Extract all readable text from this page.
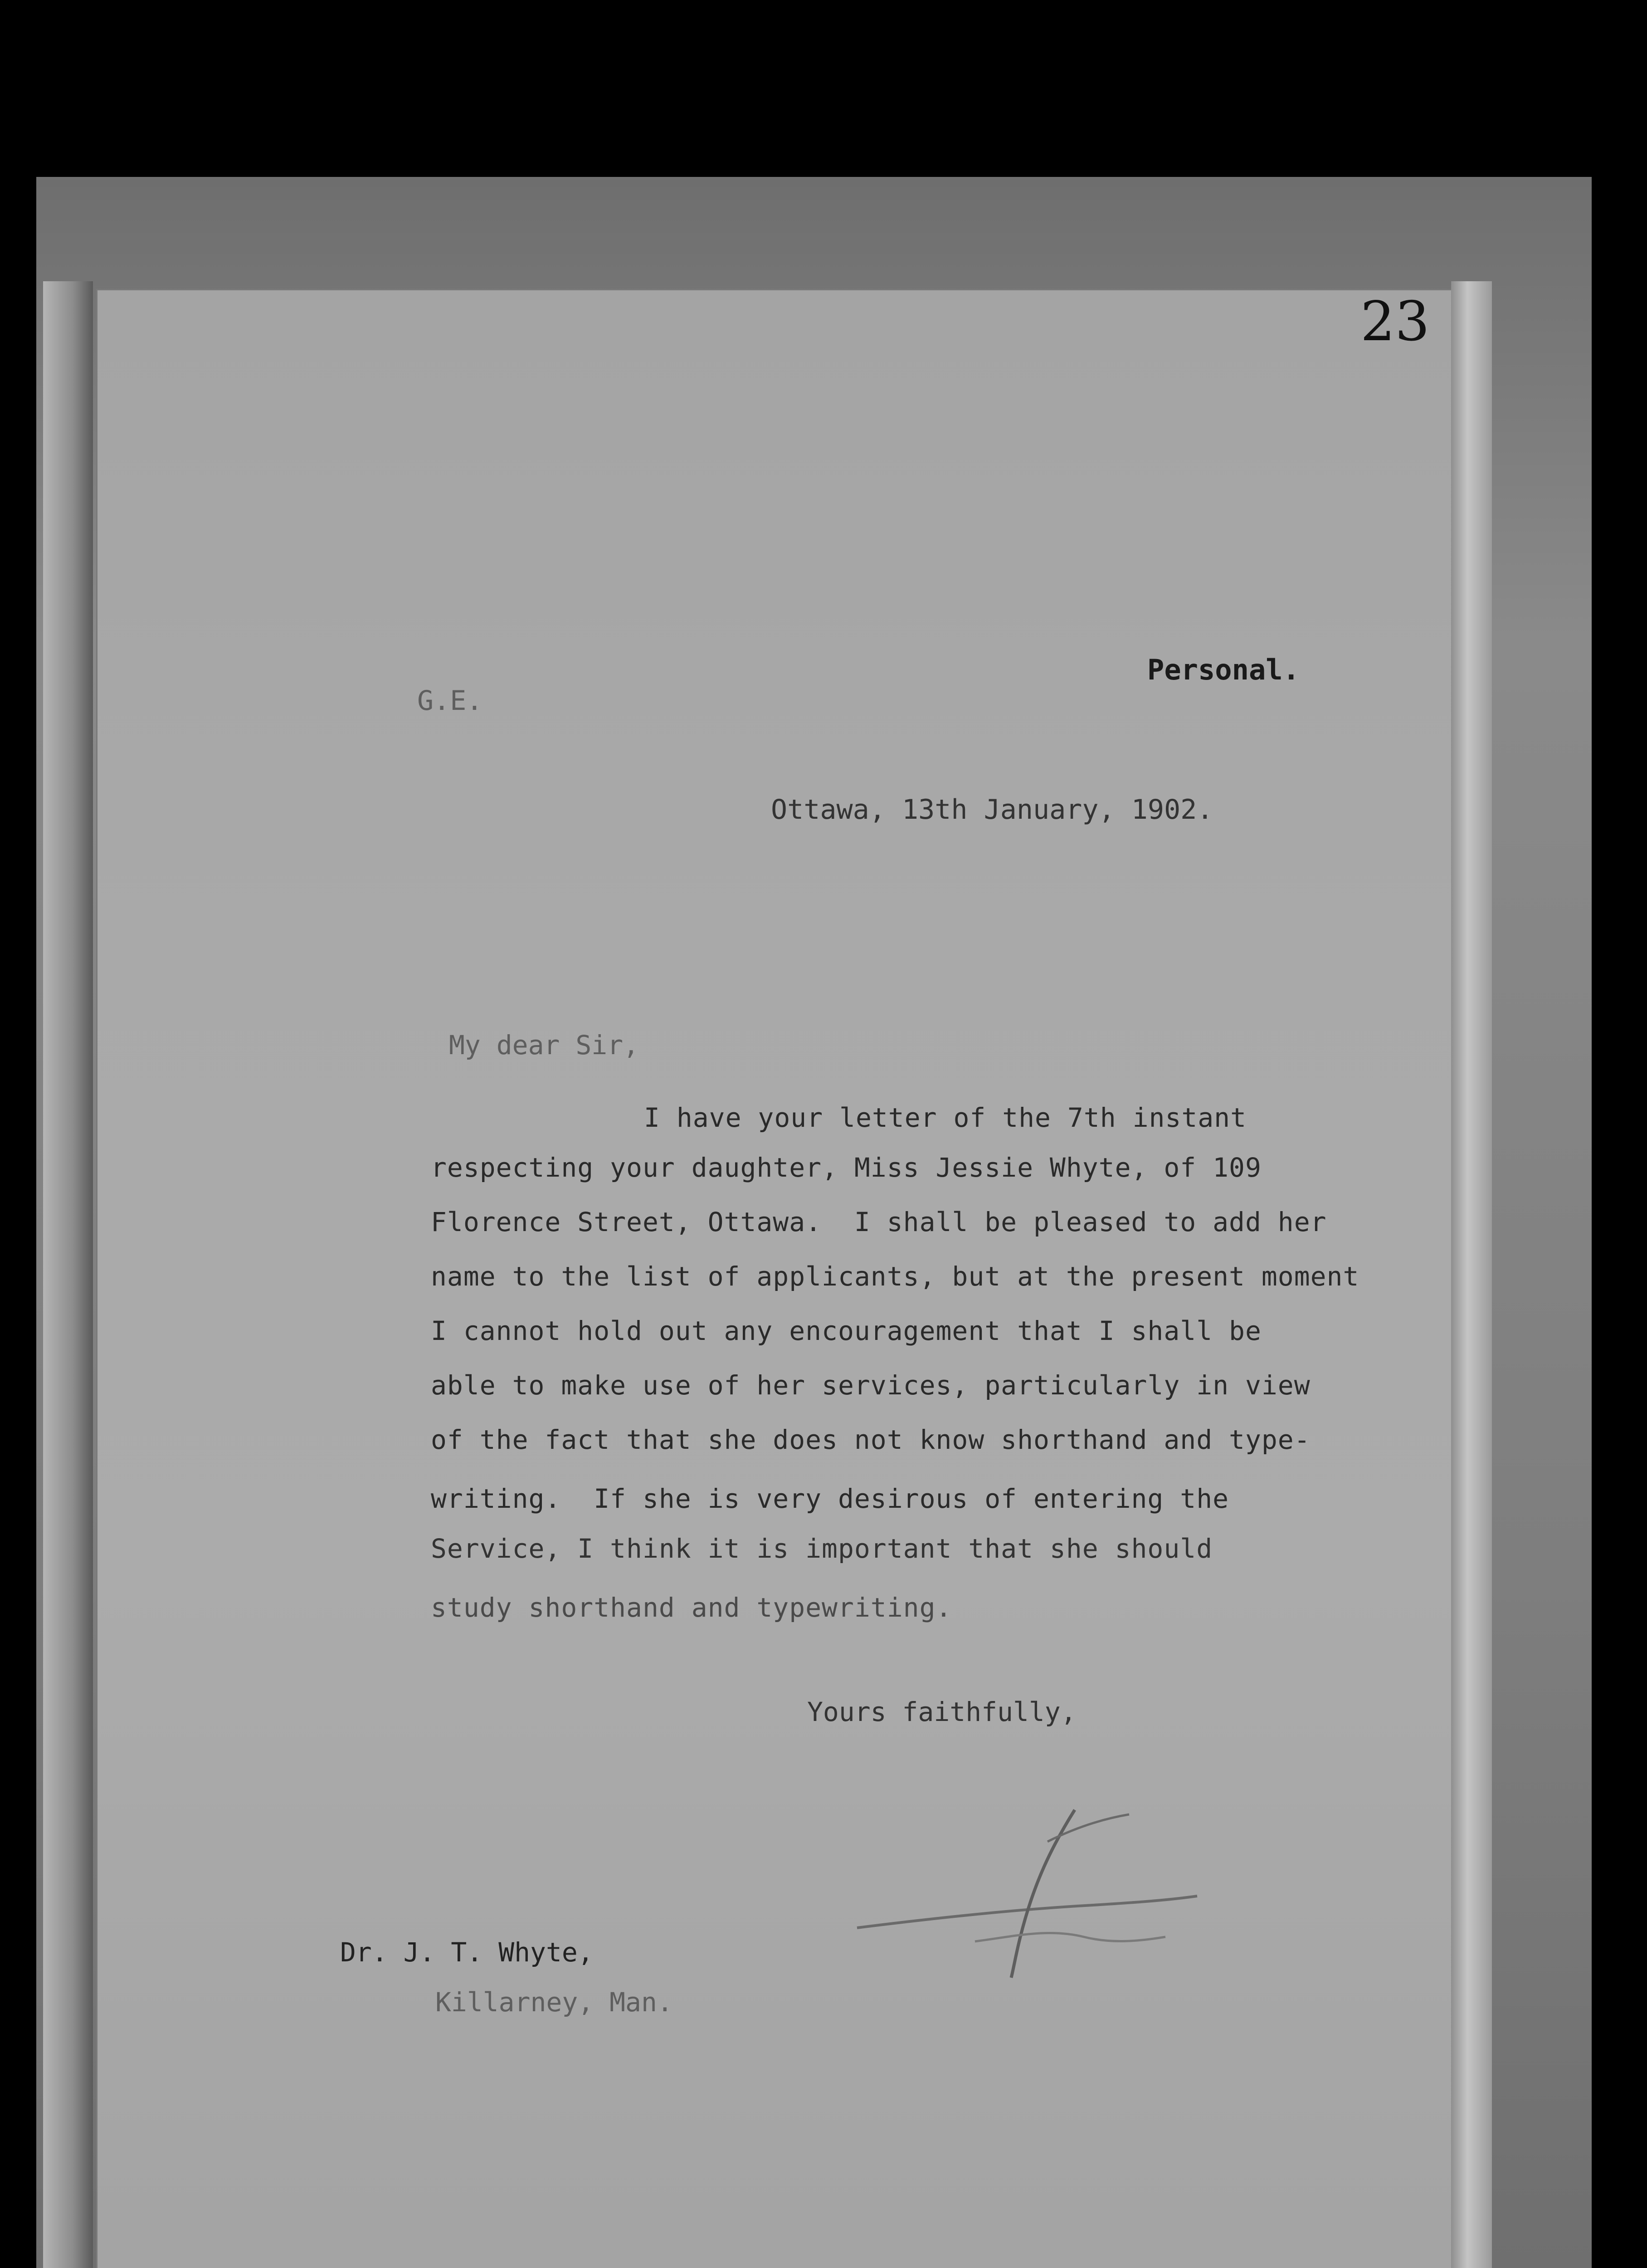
23
Personal.
G.E.
Ottawa, 13th January, 1902.
My dear Sir,
I have your letter of the 7th instant
respecting your daughter, Miss Jessie Whyte, of 109
Florence Street, Ottawa.  I shall be pleased to add her
name to the list of applicants, but at the present moment
I cannot hold out any encouragement that I shall be
able to make use of her services, particularly in view
of the fact that she does not know shorthand and type-
writing.  If she is very desirous of entering the
Service, I think it is important that she should
study shorthand and typewriting.
Yours faithfully,
Dr. J. T. Whyte,
Killarney, Man.
